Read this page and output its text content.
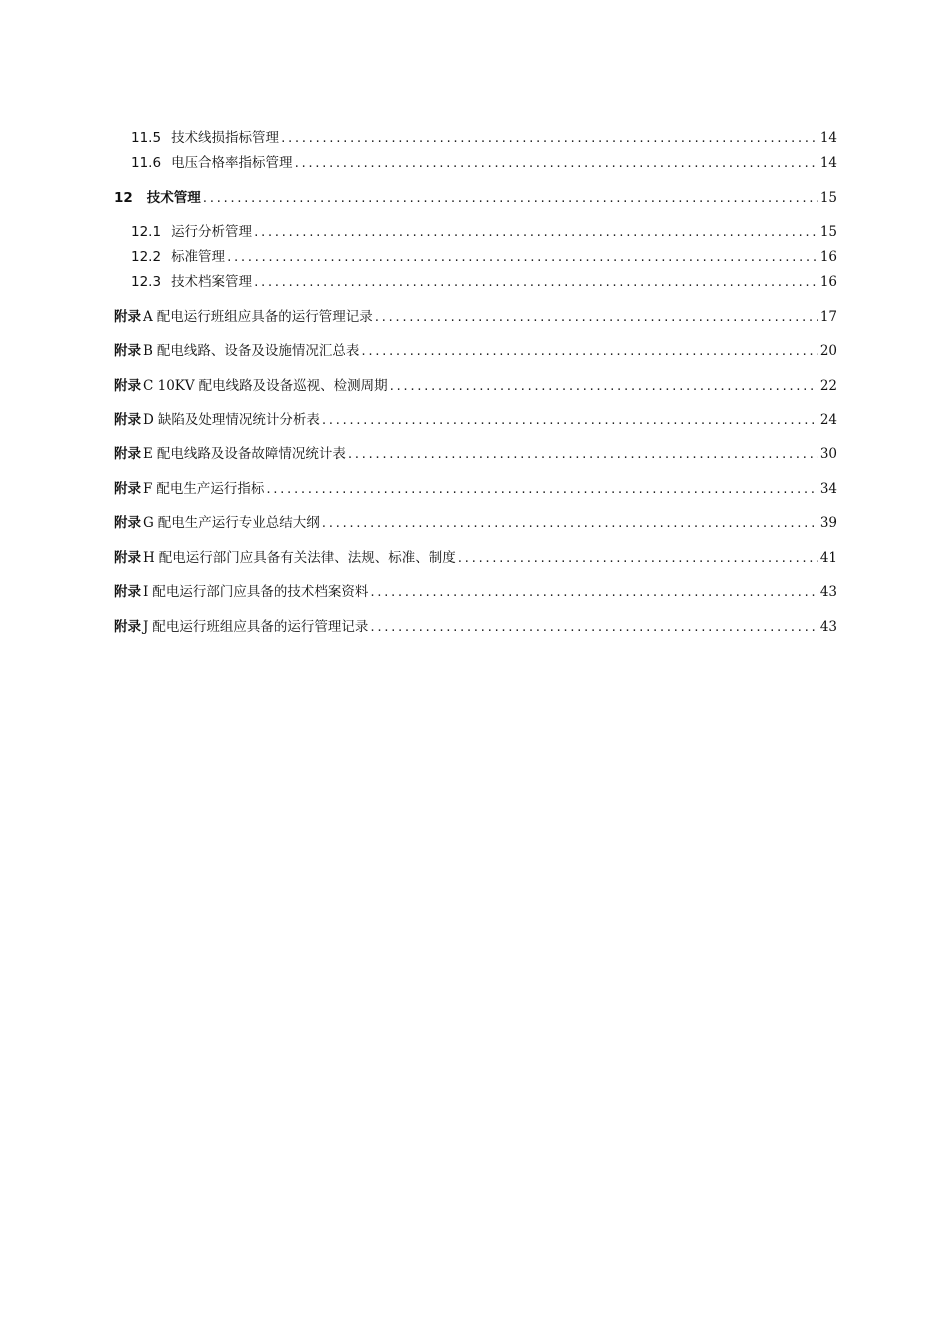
11.5 技术线损指标管理 .....	14
11.6 电压合格率指标管理 .....	14
12 技术管理 .....	15
12.1 运行分析管理 .....	15
12.2 标准管理 .....	16
12.3 技术档案管理 .....	16
附录 A 配电运行班组应具备的运行管理记录 .....	17
附录 B 配电线路、设备及设施情况汇总表 .....	20
附录 C 10KV 配电线路及设备巡视、检测周期 .....	22
附录 D 缺陷及处理情况统计分析表 .....	24
附录 E 配电线路及设备故障情况统计表 .....	30
附录 F 配电生产运行指标 .....	34
附录 G 配电生产运行专业总结大纲 .....	39
附录 H 配电运行部门应具备有关法律、法规、标准、制度 .....	41
附录 I 配电运行部门应具备的技术档案资料 .....	43
附录 J 配电运行班组应具备的运行管理记录 .....	43
